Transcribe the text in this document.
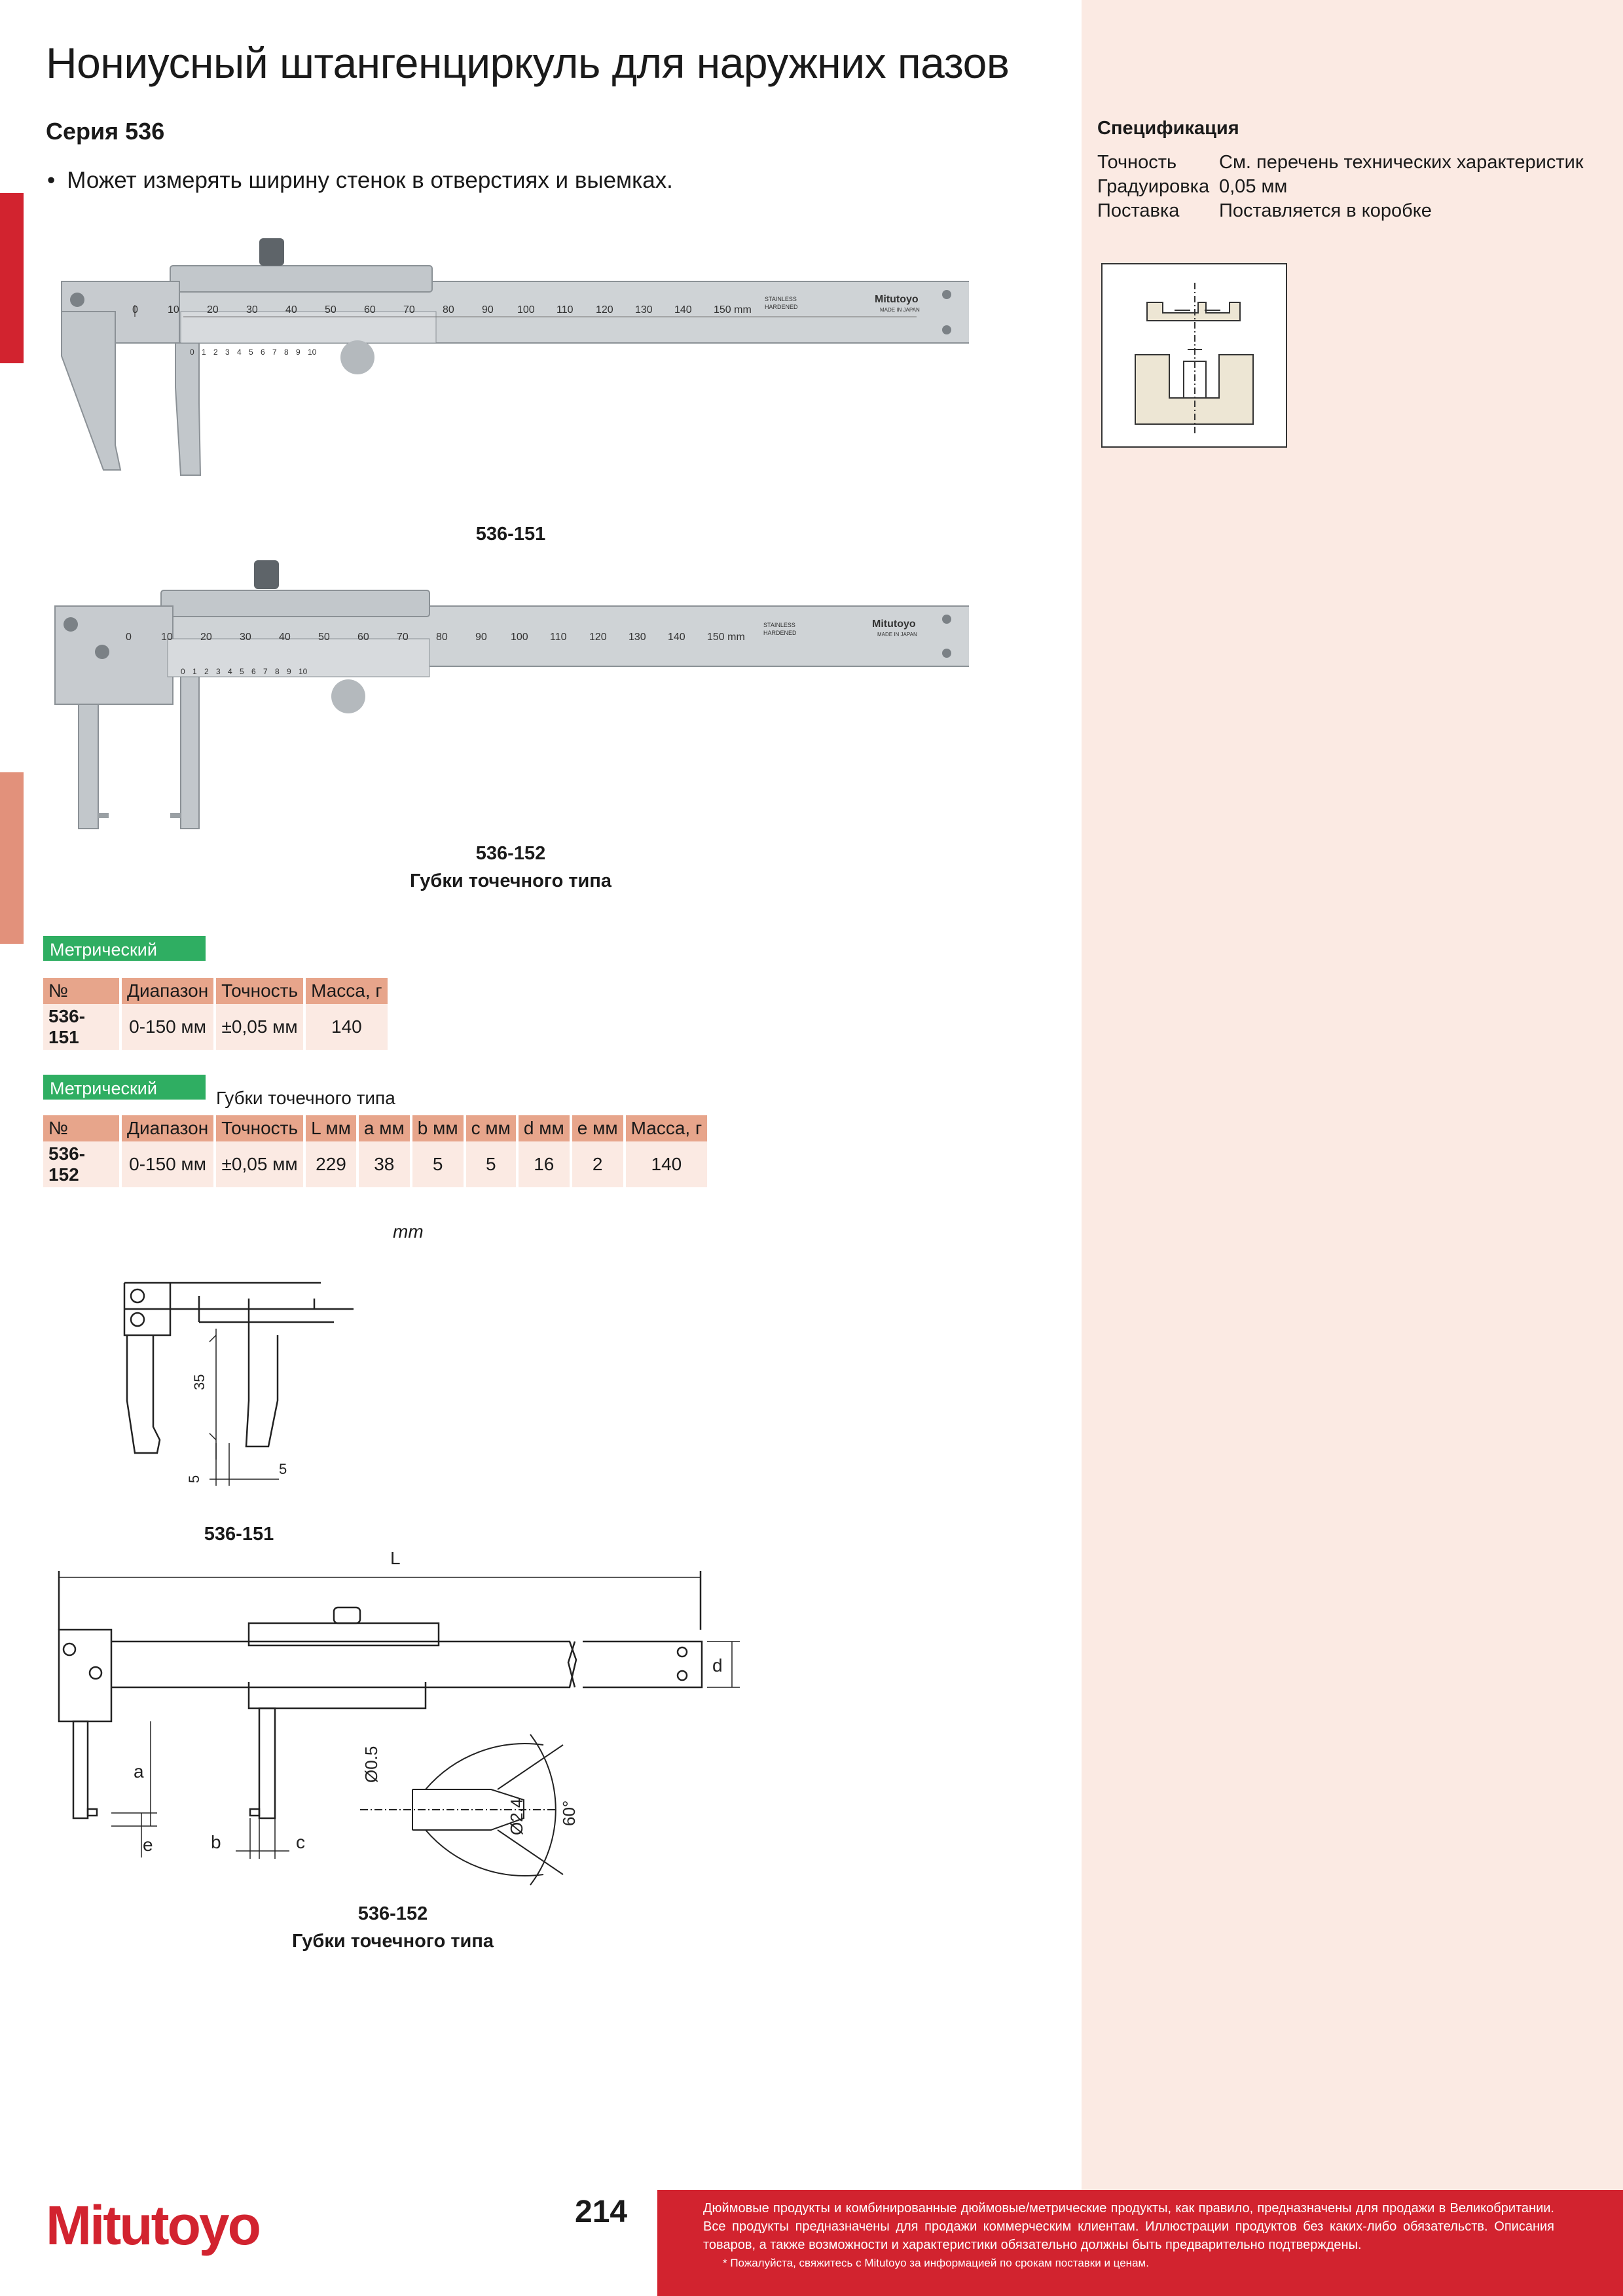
Нониусный штангенциркуль для наружних пазов
Серия 536
• Может измерять ширину стенок в отверстиях и выемках.
Спецификация
Точность	См. перечень технических характеристик
Градуировка	0,05 мм
Поставка	Поставляется в коробке
0	10	20	30	40	50	60	70	80	90 100 110 120 130 140 150 mm
0 1 2 3 4 5 6 7 8 9 10
STAINLESS
HARDENED
Mitutoyo
MADE IN JAPAN
536-151
0	10	20	30	40	50	60	70	80	90 100 110 120 130 140 150 mm
0 1 2 3 4 5 6 7 8 9 10
STAINLESS
HARDENED
Mitutoyo
MADE IN JAPAN
536-152
Губки точечного типа
Метрический
№	Диапазон	Точность	Масса, г
536-151	0-150 мм	±0,05 мм	140
Метрический	Губки точечного типа
№	Диапазон	Точность	L мм	a мм	b мм	c мм	d мм	e мм	Масса, г
536-152	0-150 мм	±0,05 мм	229	38	5	5	16	2	140
mm
35
5
5
536-151
L
d
a
b	c
e
Ø0.5
Ø2.4 60°
536-152
Губки точечного типа
Mitutoyo	214	Дюймовые продукты и комбинированные дюймовые/метрические продукты, как правило, предназначены для продажи в Великобритании. Все продукты предназначены для продажи коммерческим клиентам. Иллюстрации продуктов без каких-либо обязательств. Описания товаров, а также возможности и характеристики обязательно должны быть предварительно подтверждены.
* Пожалуйста, свяжитесь с Mitutoyo за информацией по срокам поставки и ценам.
